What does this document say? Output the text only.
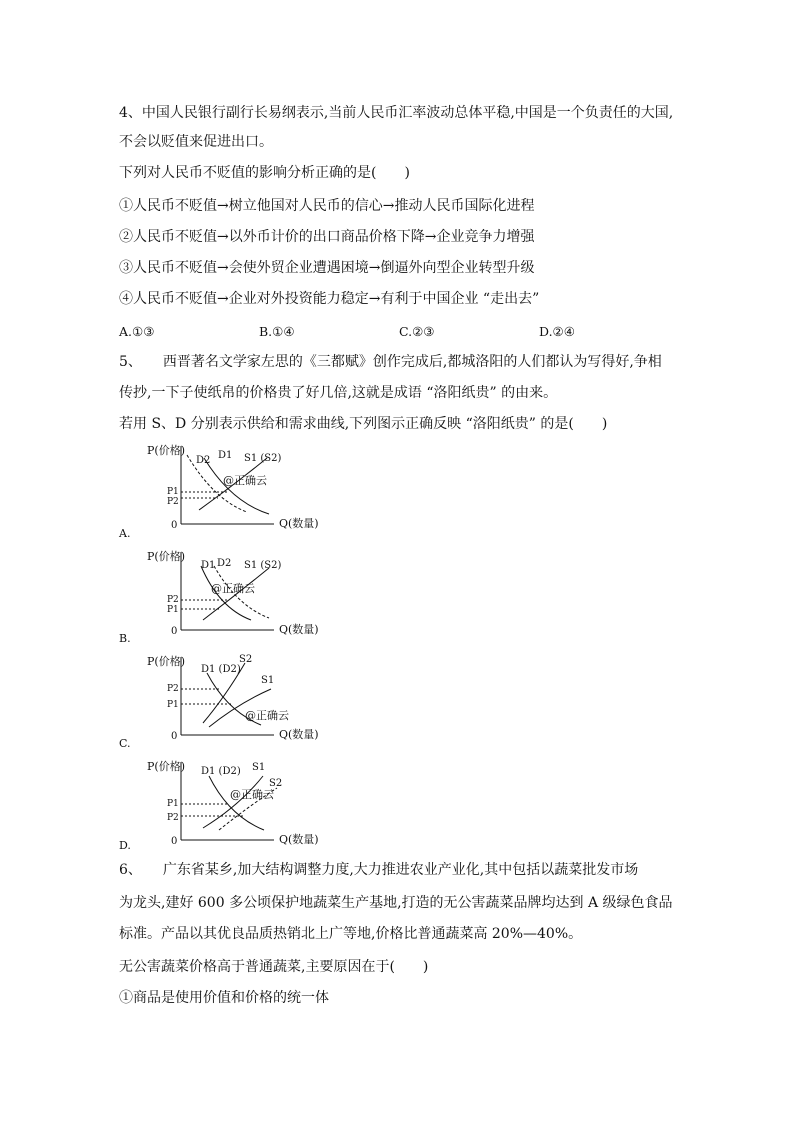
4、中国人民银行副行长易纲表示,当前人民币汇率波动总体平稳,中国是一个负责任的大国,
不会以贬值来促进出口。
下列对人民币不贬值的影响分析正确的是(　　)
①人民币不贬值→树立他国对人民币的信心→推动人民币国际化进程
②人民币不贬值→以外币计价的出口商品价格下降→企业竞争力增强
③人民币不贬值→会使外贸企业遭遇困境→倒逼外向型企业转型升级
④人民币不贬值→企业对外投资能力稳定→有利于中国企业 “走出去”
A.①③	B.①④	C.②③	D.②④
5、　　西晋著名文学家左思的《三都赋》创作完成后,都城洛阳的人们都认为写得好,争相
传抄,一下子使纸帛的价格贵了好几倍,这就是成语 “洛阳纸贵” 的由来。
若用 S、D 分别表示供给和需求曲线,下列图示正确反映 “洛阳纸贵” 的是(　　)
P(价格)
Q(数量)
0
P1
P2
D2 D1 S1 (S2)
@正确云
A.
P(价格)
Q(数量)
0
P2
P1
D1 D2 S1 (S2)
@正确云
B.
P(价格)
Q(数量)
0
P2
P1
D1 (D2)
S2
S1
@正确云
C.
P(价格)
Q(数量)
0
P1
P2
D1 (D2) S1
S2
@正确云
D.
6、　　广东省某乡,加大结构调整力度,大力推进农业产业化,其中包括以蔬菜批发市场
为龙头,建好 600 多公顷保护地蔬菜生产基地,打造的无公害蔬菜品牌均达到 A 级绿色食品
标准。产品以其优良品质热销北上广等地,价格比普通蔬菜高 20%—40%。
无公害蔬菜价格高于普通蔬菜,主要原因在于(　　)
①商品是使用价值和价格的统一体
